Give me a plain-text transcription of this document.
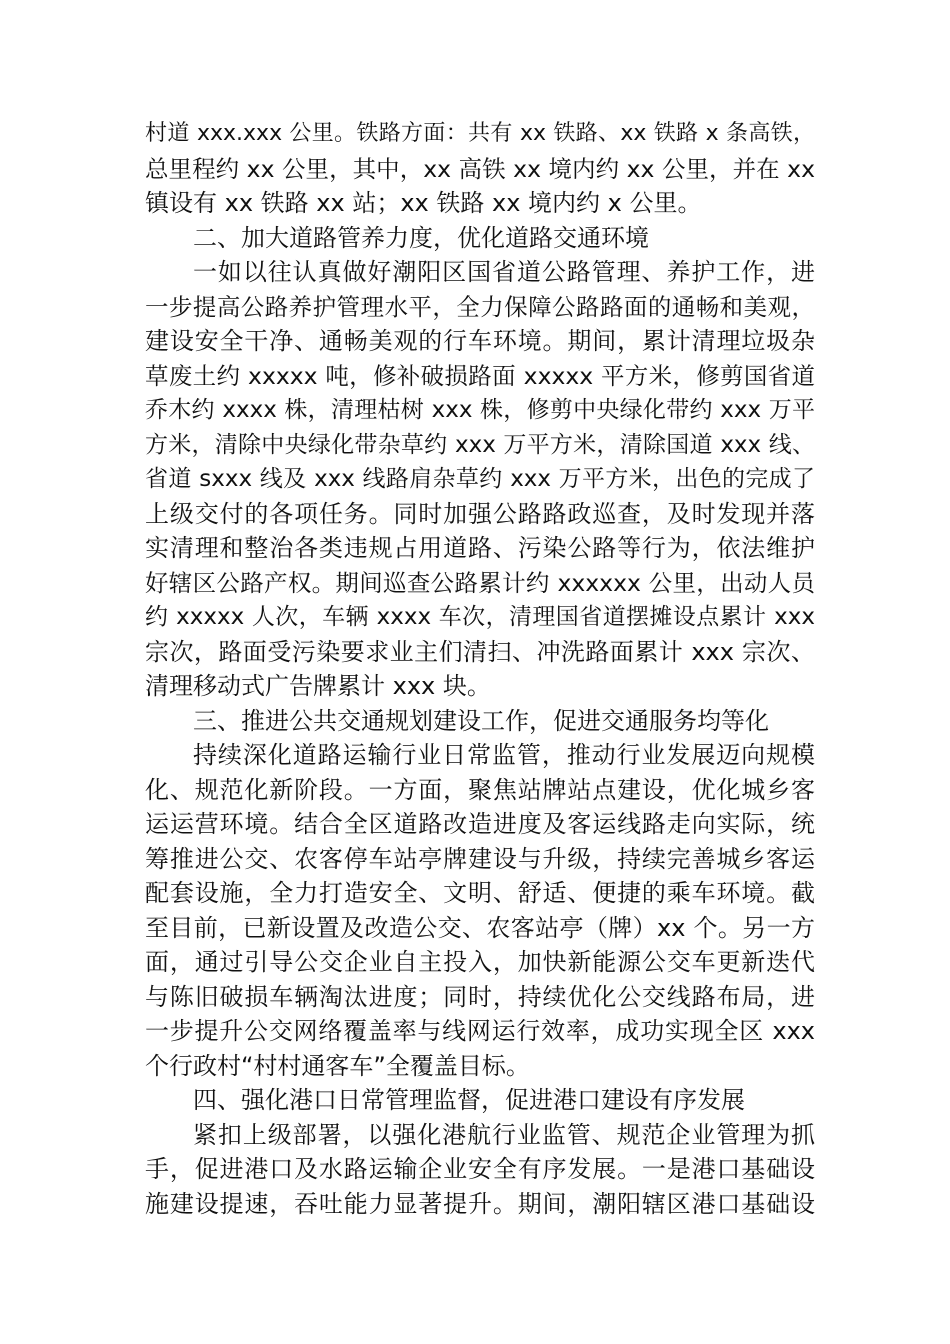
村道 xxx.xxx 公里。铁路方面：共有 xx 铁路、xx 铁路 x 条高铁，
总里程约 xx 公里，其中，xx 高铁 xx 境内约 xx 公里，并在 xx
镇设有 xx 铁路 xx 站；xx 铁路 xx 境内约 x 公里。
二、加大道路管养力度，优化道路交通环境
一如以往认真做好潮阳区国省道公路管理、养护工作，进
一步提高公路养护管理水平，全力保障公路路面的通畅和美观，
建设安全干净、通畅美观的行车环境。期间，累计清理垃圾杂
草废土约 xxxxx 吨，修补破损路面 xxxxx 平方米，修剪国省道
乔木约 xxxx 株，清理枯树 xxx 株，修剪中央绿化带约 xxx 万平
方米，清除中央绿化带杂草约 xxx 万平方米，清除国道 xxx 线、
省道 sxxx 线及 xxx 线路肩杂草约 xxx 万平方米，出色的完成了
上级交付的各项任务。同时加强公路路政巡查，及时发现并落
实清理和整治各类违规占用道路、污染公路等行为，依法维护
好辖区公路产权。期间巡查公路累计约 xxxxxx 公里，出动人员
约 xxxxx 人次，车辆 xxxx 车次，清理国省道摆摊设点累计 xxx
宗次，路面受污染要求业主们清扫、冲洗路面累计 xxx 宗次、
清理移动式广告牌累计 xxx 块。
三、推进公共交通规划建设工作，促进交通服务均等化
持续深化道路运输行业日常监管，推动行业发展迈向规模
化、规范化新阶段。一方面，聚焦站牌站点建设，优化城乡客
运运营环境。结合全区道路改造进度及客运线路走向实际，统
筹推进公交、农客停车站亭牌建设与升级，持续完善城乡客运
配套设施，全力打造安全、文明、舒适、便捷的乘车环境。截
至目前，已新设置及改造公交、农客站亭（牌）xx 个。另一方
面，通过引导公交企业自主投入，加快新能源公交车更新迭代
与陈旧破损车辆淘汰进度；同时，持续优化公交线路布局，进
一步提升公交网络覆盖率与线网运行效率，成功实现全区 xxx
个行政村“村村通客车”全覆盖目标。
四、强化港口日常管理监督，促进港口建设有序发展
紧扣上级部署，以强化港航行业监管、规范企业管理为抓
手，促进港口及水路运输企业安全有序发展。一是港口基础设
施建设提速，吞吐能力显著提升。期间，潮阳辖区港口基础设
